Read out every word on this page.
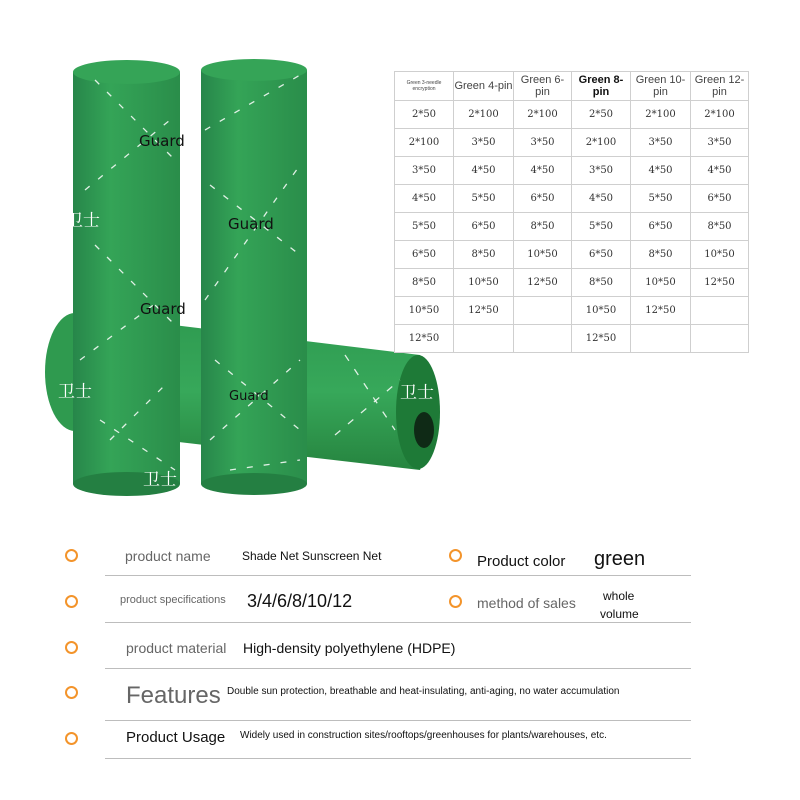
Guard
Guard
Guard
Guard
卫士
卫士
卫士
卫士
Green 3-needle encryption	Green 4-pin	Green 6-pin	Green 8-pin	Green 10-pin	Green 12-pin
2*50	2*100	2*100	2*50	2*100	2*100
2*100	3*50	3*50	2*100	3*50	3*50
3*50	4*50	4*50	3*50	4*50	4*50
4*50	5*50	6*50	4*50	5*50	6*50
5*50	6*50	8*50	5*50	6*50	8*50
6*50	8*50	10*50	6*50	8*50	10*50
8*50	10*50	12*50	8*50	10*50	12*50
10*50	12*50		10*50	12*50	
12*50			12*50		
product name	Shade Net Sunscreen Net	Product color green
product specifications 3/4/6/8/10/12	method of sales whole
volume
product material High-density polyethylene (HDPE)
Features Double sun protection, breathable and heat-insulating, anti-aging, no water accumulation
Product Usage Widely used in construction sites/rooftops/greenhouses for plants/warehouses, etc.
